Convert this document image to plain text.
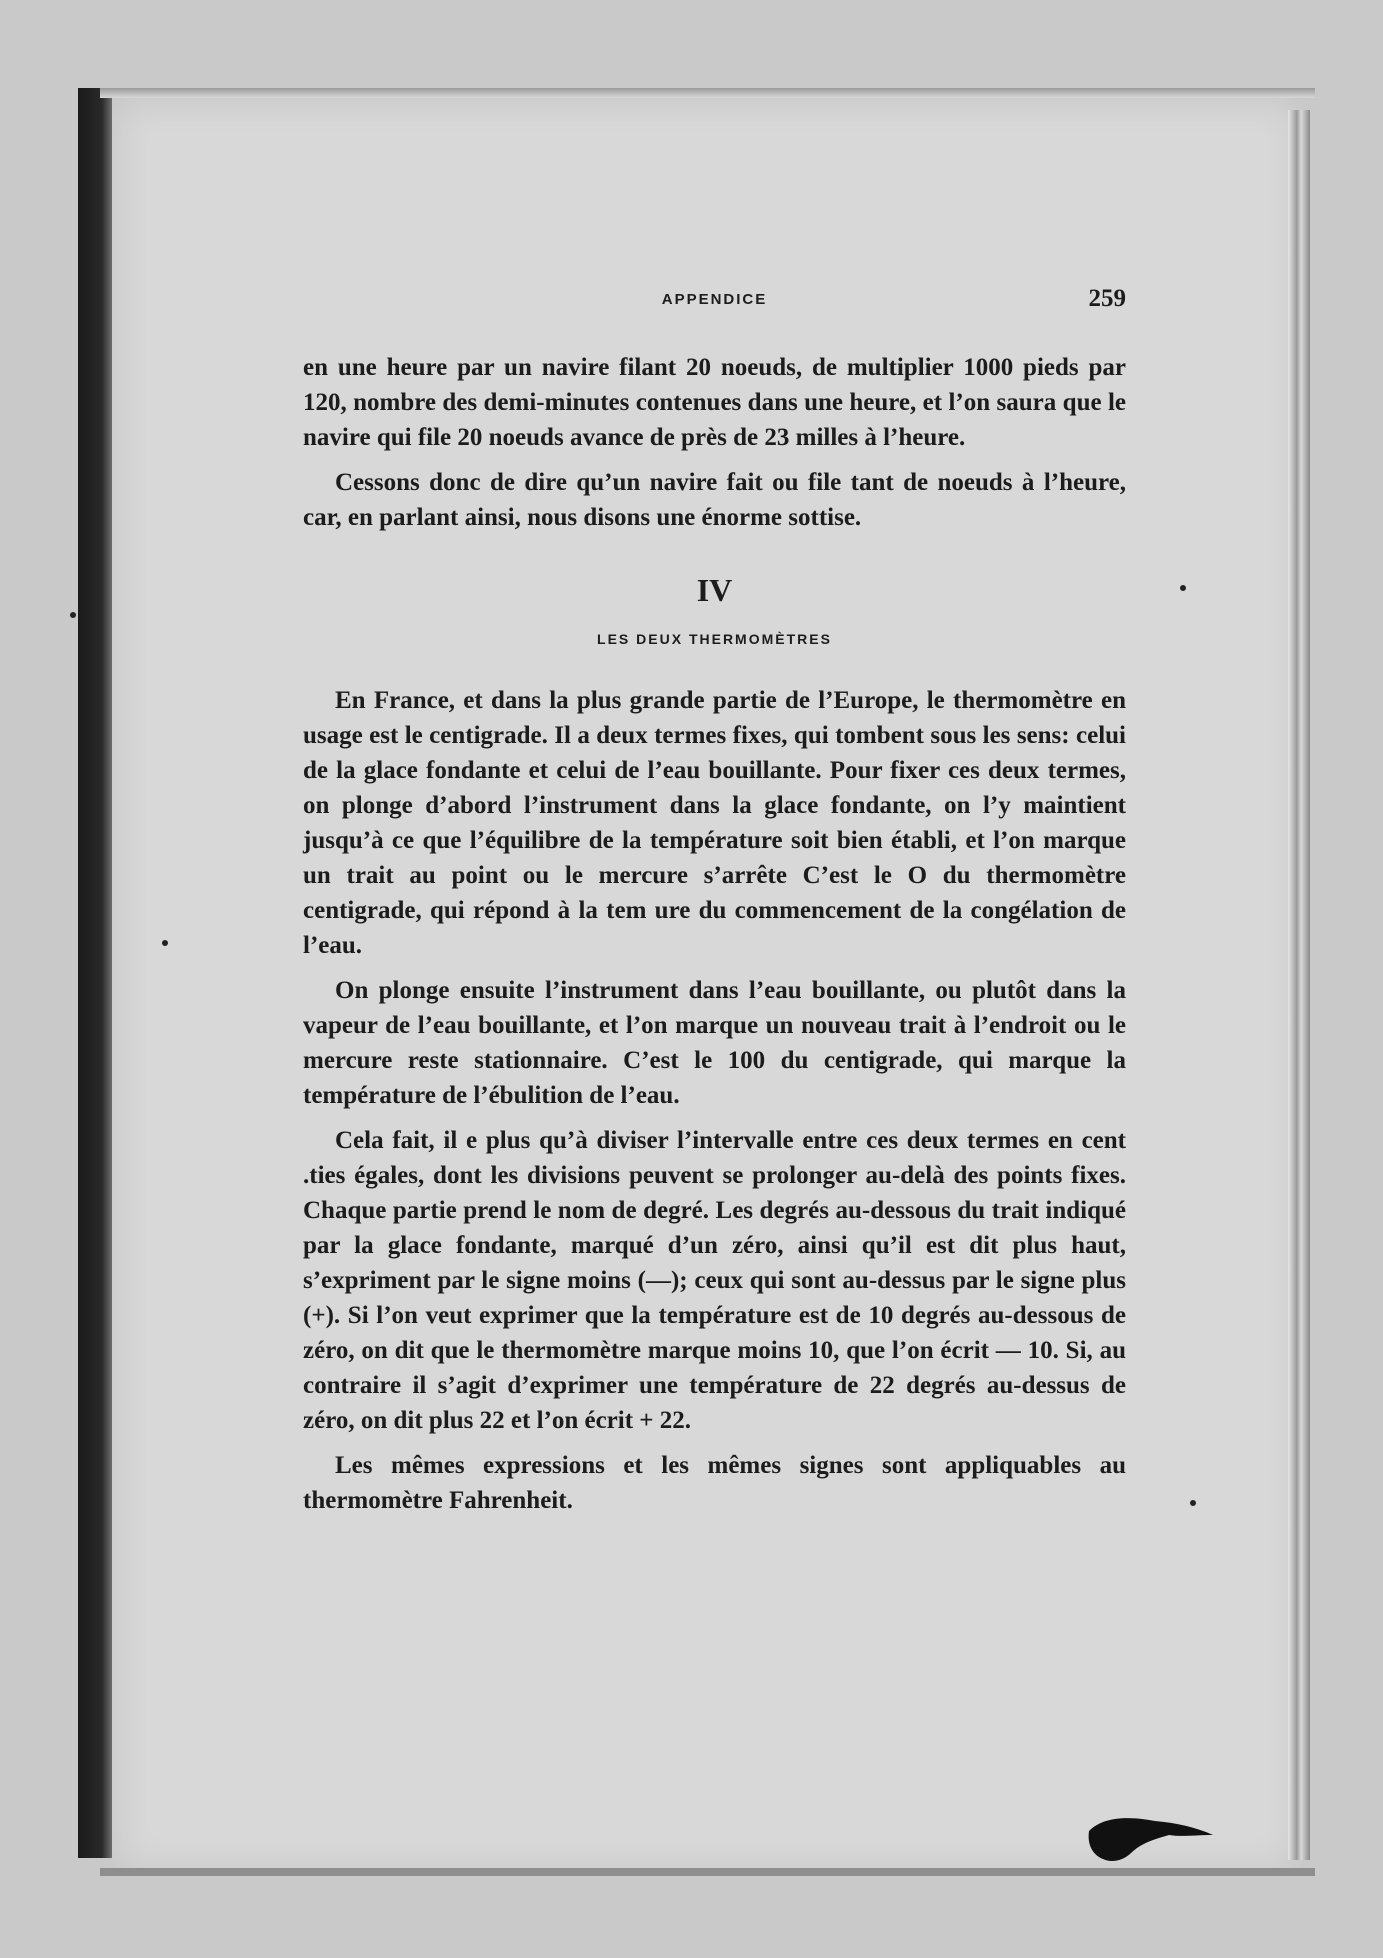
APPENDICE	259

en une heure par un navire filant 20 noeuds, de multiplier 1000 pieds par 120, nombre des demi-minutes contenues dans une heure, et l’on saura que le navire qui file 20 noeuds avance de près de 23 milles à l’heure.

Cessons donc de dire qu’un navire fait ou file tant de noeuds à l’heure, car, en parlant ainsi, nous disons une énorme sottise.

IV
LES DEUX THERMOMÈTRES

En France, et dans la plus grande partie de l’Europe, le thermomètre en usage est le centigrade. Il a deux termes fixes, qui tombent sous les sens: celui de la glace fondante et celui de l’eau bouillante. Pour fixer ces deux termes, on plonge d’abord l’instrument dans la glace fondante, on l’y maintient jusqu’à ce que l’équilibre de la température soit bien établi, et l’on marque un trait au point ou le mercure s’arrête C’est le O du thermomètre centigrade, qui répond à la tem ure du commencement de la congélation de l’eau.

On plonge ensuite l’instrument dans l’eau bouillante, ou plutôt dans la vapeur de l’eau bouillante, et l’on marque un nouveau trait à l’endroit ou le mercure reste stationnaire. C’est le 100 du centigrade, qui marque la température de l’ébulition de l’eau.

Cela fait, il e plus qu’à diviser l’intervalle entre ces deux termes en cent .ties égales, dont les divisions peuvent se prolonger au-delà des points fixes. Chaque partie prend le nom de degré. Les degrés au-dessous du trait indiqué par la glace fondante, marqué d’un zéro, ainsi qu’il est dit plus haut, s’expriment par le signe moins (—); ceux qui sont au-dessus par le signe plus (+). Si l’on veut exprimer que la température est de 10 degrés au-dessous de zéro, on dit que le thermomètre marque moins 10, que l’on écrit — 10. Si, au contraire il s’agit d’exprimer une température de 22 degrés au-dessus de zéro, on dit plus 22 et l’on écrit + 22.

Les mêmes expressions et les mêmes signes sont appliquables au thermomètre Fahrenheit.
